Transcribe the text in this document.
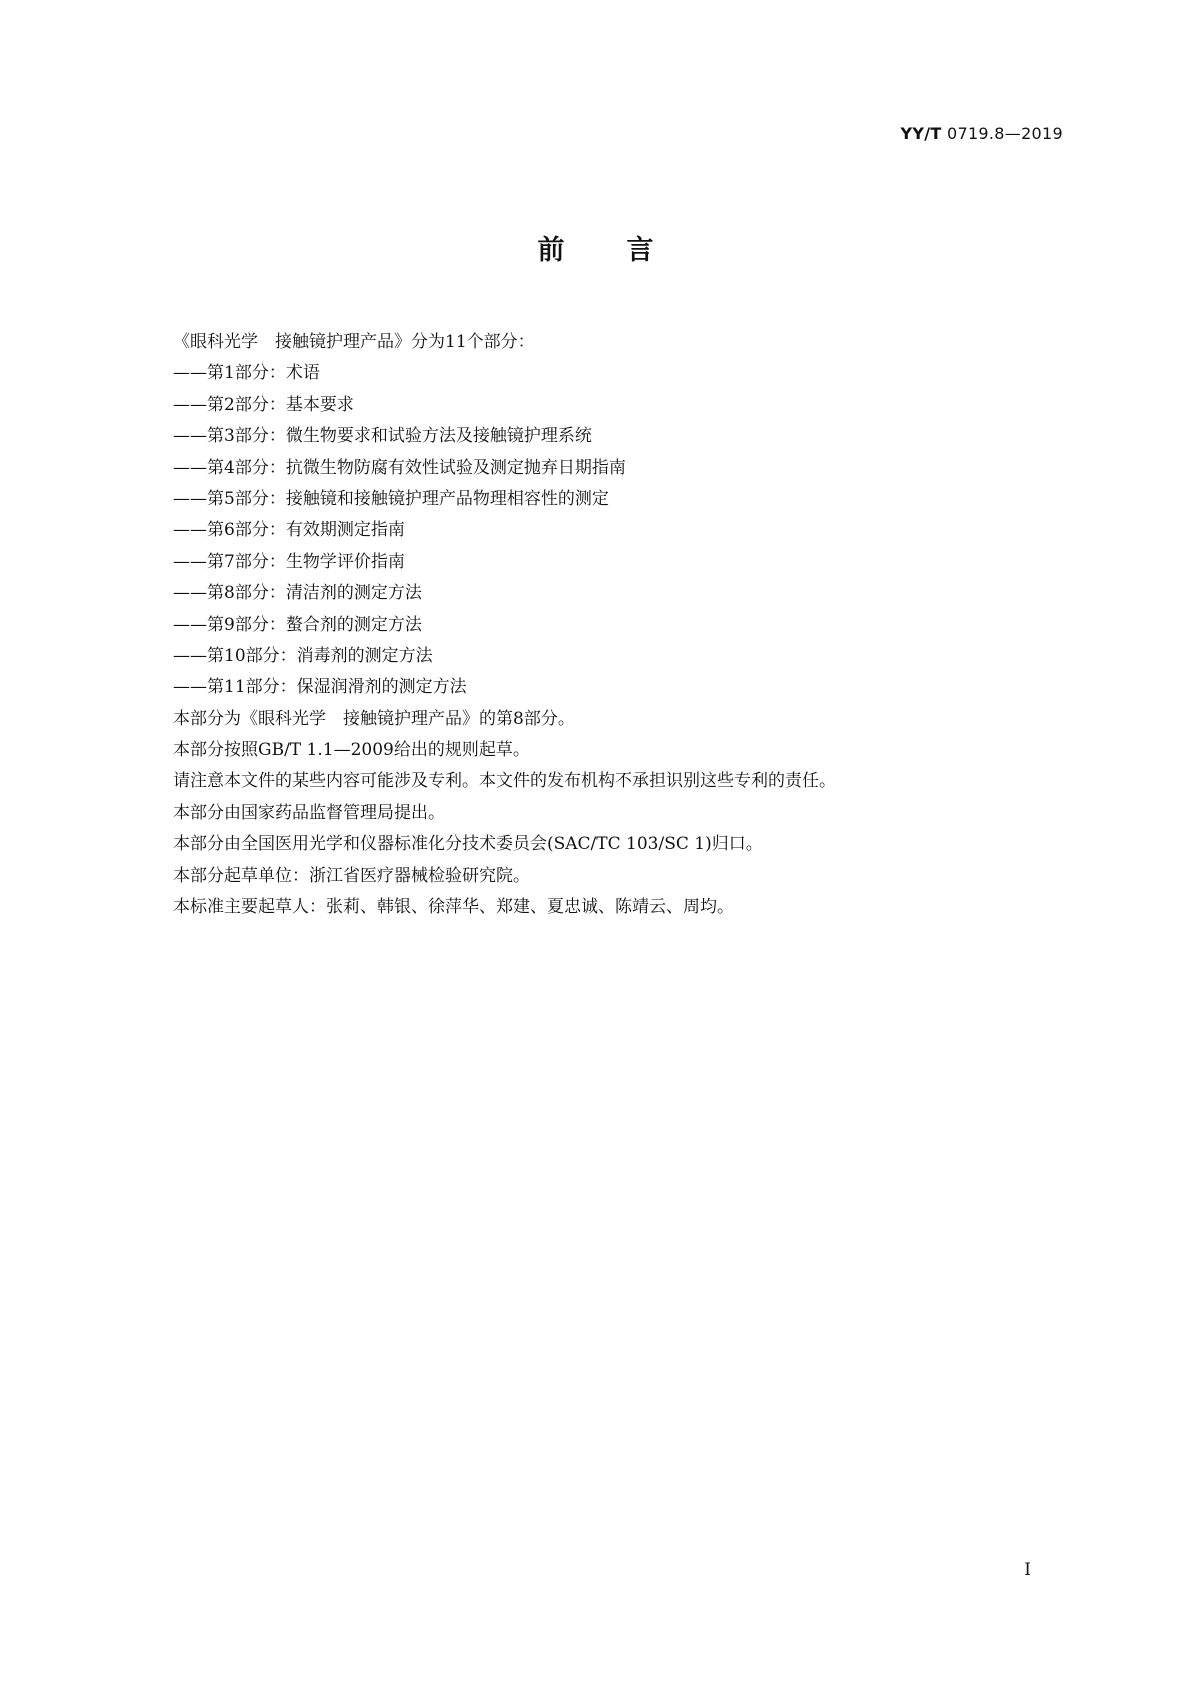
YY/T 0719.8—2019
前言
《眼科光学　接触镜护理产品》分为11个部分：
——第1部分：术语
——第2部分：基本要求
——第3部分：微生物要求和试验方法及接触镜护理系统
——第4部分：抗微生物防腐有效性试验及测定抛弃日期指南
——第5部分：接触镜和接触镜护理产品物理相容性的测定
——第6部分：有效期测定指南
——第7部分：生物学评价指南
——第8部分：清洁剂的测定方法
——第9部分：螯合剂的测定方法
——第10部分：消毒剂的测定方法
——第11部分：保湿润滑剂的测定方法
本部分为《眼科光学　接触镜护理产品》的第8部分。
本部分按照GB/T 1.1—2009给出的规则起草。
请注意本文件的某些内容可能涉及专利。本文件的发布机构不承担识别这些专利的责任。
本部分由国家药品监督管理局提出。
本部分由全国医用光学和仪器标准化分技术委员会(SAC/TC 103/SC 1)归口。
本部分起草单位：浙江省医疗器械检验研究院。
本标准主要起草人：张莉、韩银、徐萍华、郑建、夏忠诚、陈靖云、周均。
I
